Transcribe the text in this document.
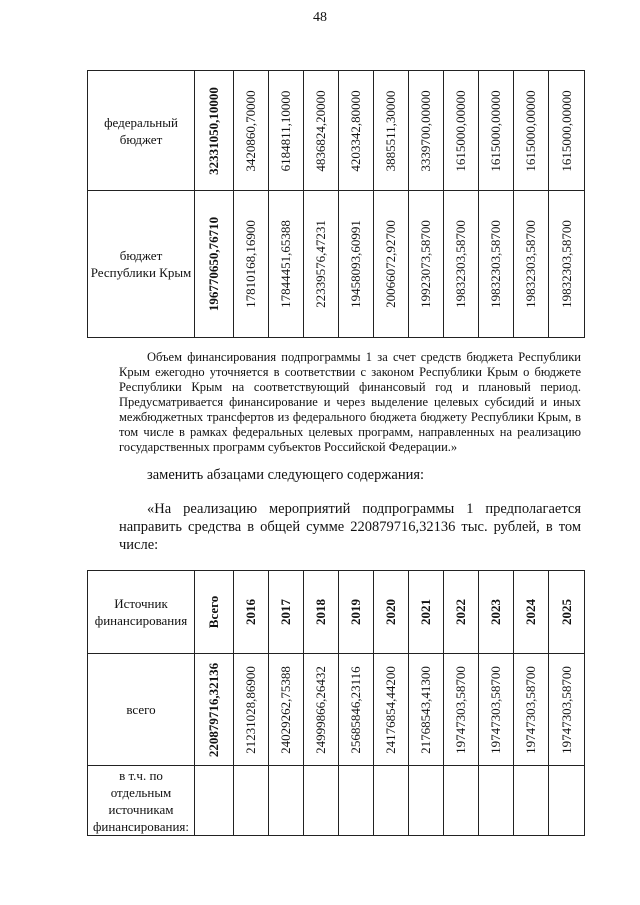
48
федеральный бюджет	32331050,10000	3420860,70000	6184811,10000	4836824,20000	4203342,80000	3885511,30000	3339700,00000	1615000,00000	1615000,00000	1615000,00000	1615000,00000

бюджет Республики Крым	196770650,76710	17810168,16900	17844451,65388	22339576,47231	19458093,60991	20066072,92700	19923073,58700	19832303,58700	19832303,58700	19832303,58700	19832303,58700

Объем финансирования подпрограммы 1 за счет средств бюджета Республики Крым ежегодно уточняется в соответствии с законом Республики Крым о бюджете Республики Крым на соответствующий финансовый год и плановый период. Предусматривается финансирование и через выделение целевых субсидий и иных межбюджетных трансфертов из федерального бюджета бюджету Республики Крым, в том числе в рамках федеральных целевых программ, направленных на реализацию государственных программ субъектов Российской Федерации.»

заменить абзацами следующего содержания:

«На реализацию мероприятий подпрограммы 1 предполагается направить средства в общей сумме 220879716,32136 тыс. рублей, в том числе:

Источник финансирования	Всего	2016	2017	2018	2019	2020	2021	2022	2023	2024	2025

всего	220879716,32136	21231028,86900	24029262,75388	24999866,26432	25685846,23116	24176854,44200	21768543,41300	19747303,58700	19747303,58700	19747303,58700	19747303,58700

в т.ч. по отдельным источникам финансирования:											
